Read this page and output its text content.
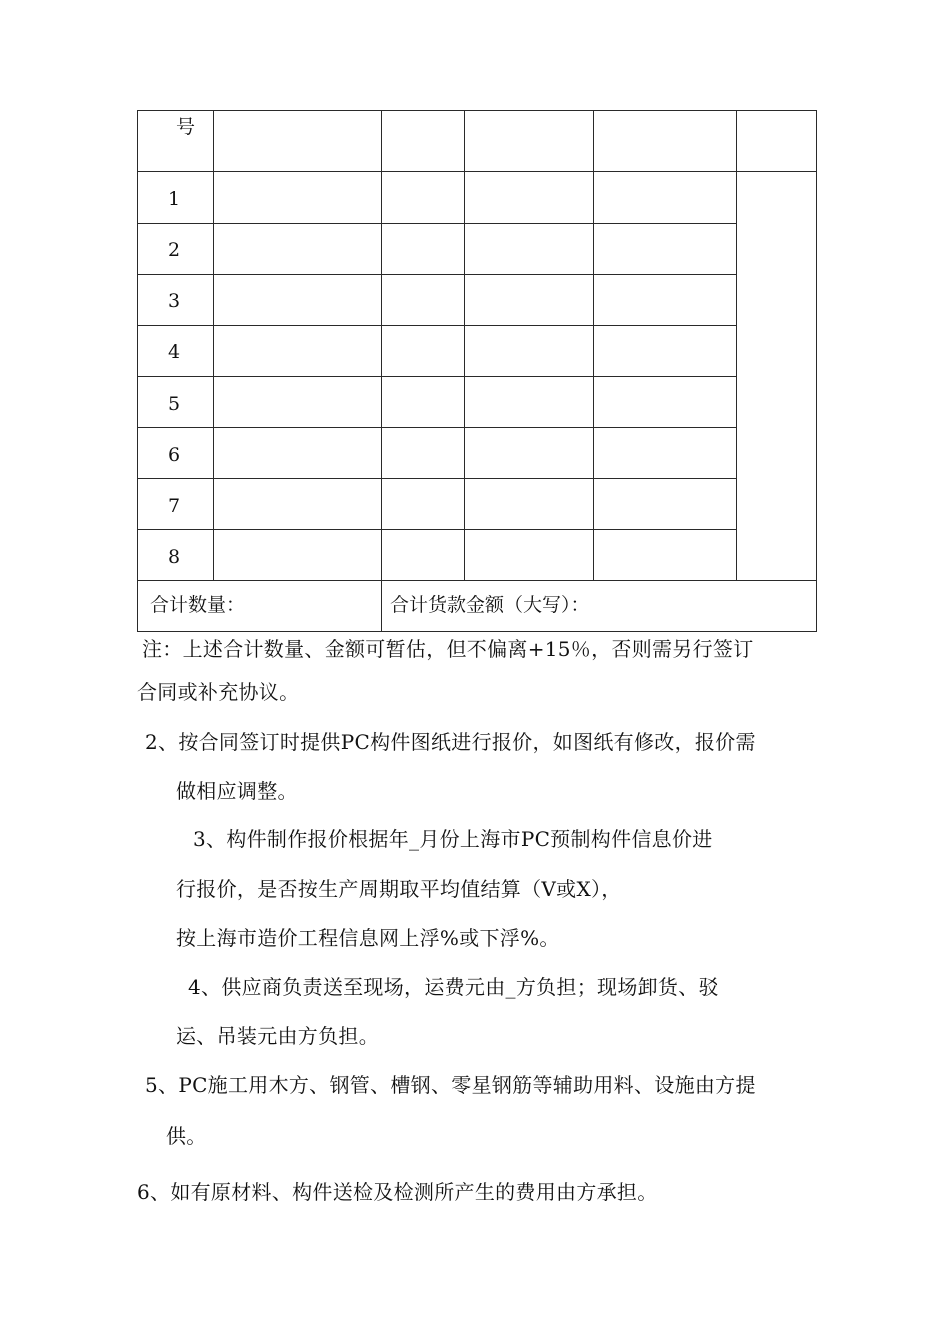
号
1
2
3
4
5
6
7
8
合计数量：	合计货款金额（大写）：
注：上述合计数量、金额可暂估，但不偏离+15％，否则需另行签订
合同或补充协议。
2、按合同签订时提供PC构件图纸进行报价，如图纸有修改，报价需
做相应调整。
3、构件制作报价根据年_月份上海市PC预制构件信息价进
行报价，是否按生产周期取平均值结算（V或X），
按上海市造价工程信息网上浮%或下浮%。
4、供应商负责送至现场，运费元由_方负担；现场卸货、驳
运、吊装元由方负担。
5、PC施工用木方、钢管、槽钢、零星钢筋等辅助用料、设施由方提
供。
6、如有原材料、构件送检及检测所产生的费用由方承担。
